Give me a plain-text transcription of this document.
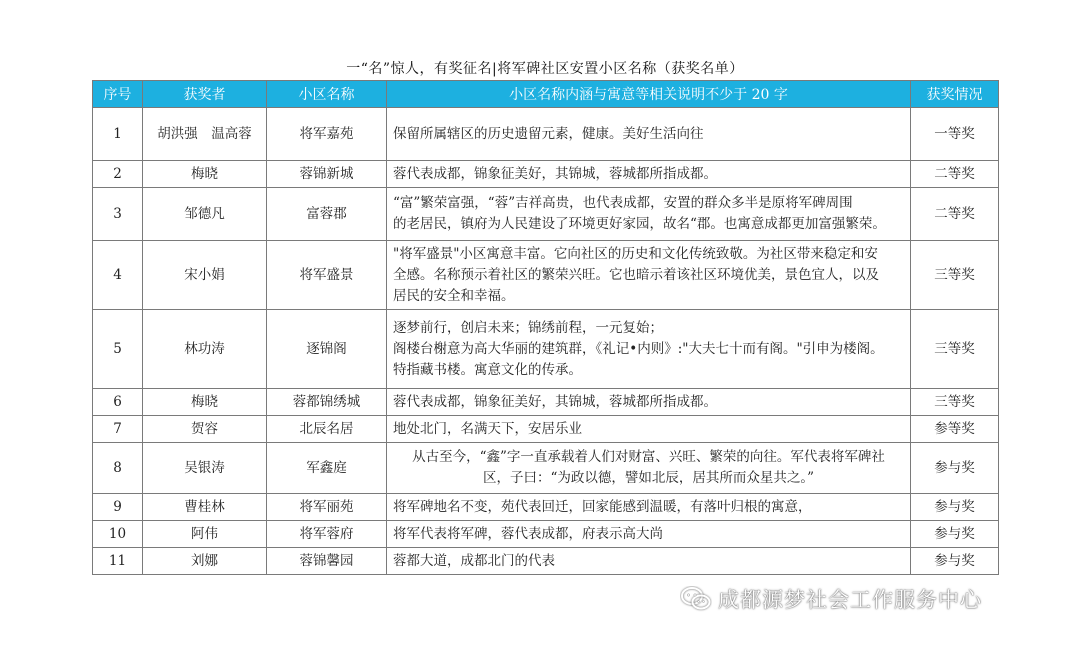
一“名”惊人，有奖征名|将军碑社区安置小区名称（获奖名单）
序号	获奖者	小区名称	小区名称内涵与寓意等相关说明不少于 20 字	获奖情况
1	胡洪强　温高蓉	将军嘉苑	保留所属辖区的历史遗留元素，健康。美好生活向往	一等奖
2	梅晓	蓉锦新城	蓉代表成都，锦象征美好，其锦城，蓉城都所指成都。	二等奖
3	邹德凡	富蓉郡	“富”繁荣富强，“蓉”吉祥高贵，也代表成都，安置的群众多半是原将军碑周围
的老居民，镇府为人民建设了环境更好家园，故名“郡。也寓意成都更加富强繁荣。	二等奖
4	宋小娟	将军盛景	"将军盛景"小区寓意丰富。它向社区的历史和文化传统致敬。为社区带来稳定和安
全感。名称预示着社区的繁荣兴旺。它也暗示着该社区环境优美，景色宜人，以及
居民的安全和幸福。	三等奖
5	林功涛	逐锦阁	逐梦前行，创启未来；锦绣前程，一元复始；
阁楼台榭意为高大华丽的建筑群，《礼记•内则》:"大夫七十而有阁。"引申为楼阁。
特指藏书楼。寓意文化的传承。	三等奖
6	梅晓	蓉都锦绣城	蓉代表成都，锦象征美好，其锦城，蓉城都所指成都。	三等奖
7	贺容	北辰名居	地处北门，名满天下，安居乐业	参等奖
8	吴银涛	军鑫庭	从古至今，“鑫”字一直承载着人们对财富、兴旺、繁荣的向往。军代表将军碑社
区，子曰：“为政以德，譬如北辰，居其所而众星共之。”	参与奖
9	曹桂林	将军丽苑	将军碑地名不变，苑代表回迁，回家能感到温暖，有落叶归根的寓意，	参与奖
10	阿伟	将军蓉府	将军代表将军碑，蓉代表成都，府表示高大尚	参与奖
11	刘娜	蓉锦馨园	蓉都大道，成都北门的代表	参与奖
成都源梦社会工作服务中心
